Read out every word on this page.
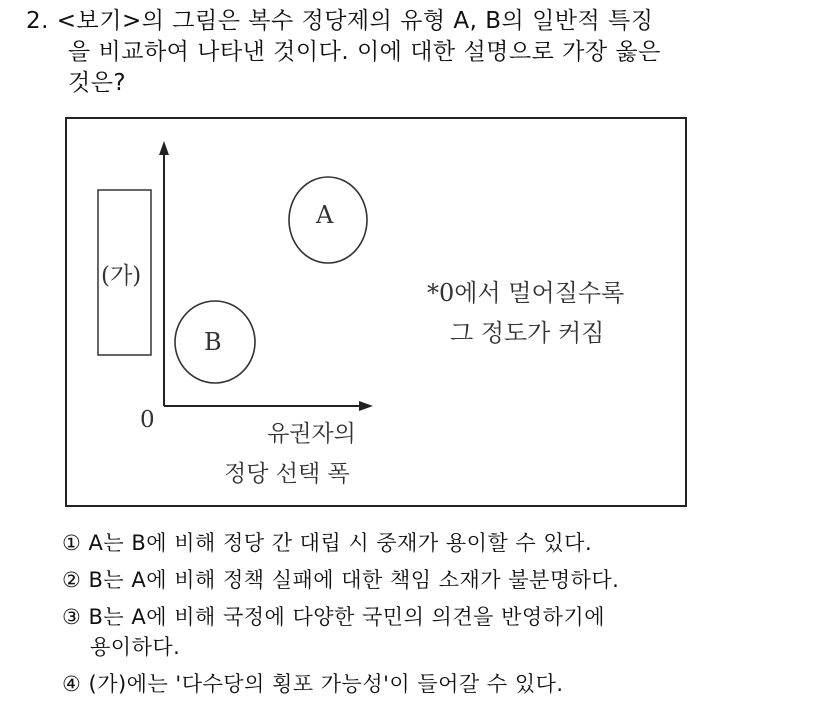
2. <보기>의 그림은 복수 정당제의 유형 A, B의 일반적 특징
을 비교하여 나타낸 것이다. 이에 대한 설명으로 가장 옳은
것은?
(가)
A
B
0
유권자의
정당 선택 폭
*0에서 멀어질수록
그 정도가 커짐
① A는 B에 비해 정당 간 대립 시 중재가 용이할 수 있다.
② B는 A에 비해 정책 실패에 대한 책임 소재가 불분명하다.
③ B는 A에 비해 국정에 다양한 국민의 의견을 반영하기에
용이하다.
④ (가)에는 '다수당의 횡포 가능성'이 들어갈 수 있다.
